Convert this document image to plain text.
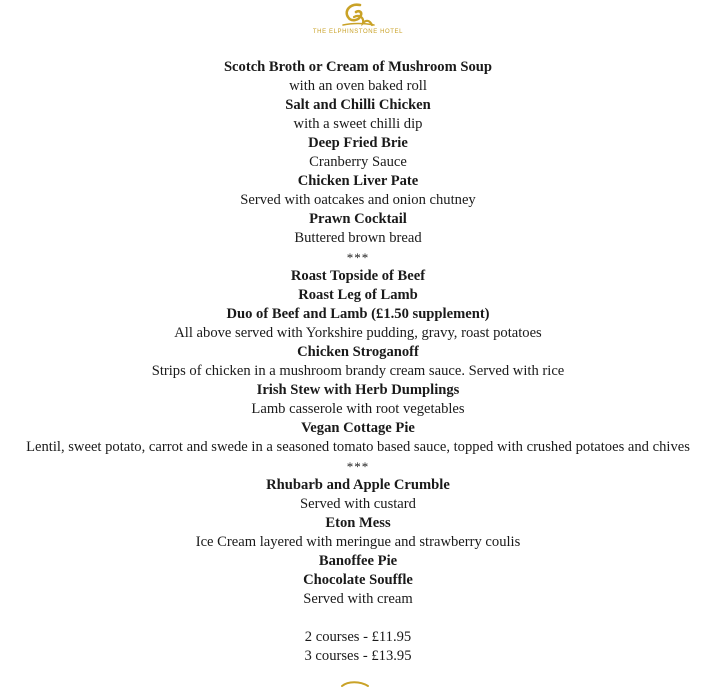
THE ELPHINSTONE HOTEL
Scotch Broth or Cream of Mushroom Soup
with an oven baked roll
Salt and Chilli Chicken
with a sweet chilli dip
Deep Fried Brie
Cranberry Sauce
Chicken Liver Pate
Served with oatcakes and onion chutney
Prawn Cocktail
Buttered brown bread
***
Roast Topside of Beef
Roast Leg of Lamb
Duo of Beef and Lamb (£1.50 supplement)
All above served with Yorkshire pudding, gravy, roast potatoes
Chicken Stroganoff
Strips of chicken in a mushroom brandy cream sauce. Served with rice
Irish Stew with Herb Dumplings
Lamb casserole with root vegetables
Vegan Cottage Pie
Lentil, sweet potato, carrot and swede in a seasoned tomato based sauce, topped with crushed potatoes and chives
***
Rhubarb and Apple Crumble
Served with custard
Eton Mess
Ice Cream layered with meringue and strawberry coulis
Banoffee Pie
Chocolate Souffle
Served with cream
2 courses - £11.95
3 courses - £13.95
